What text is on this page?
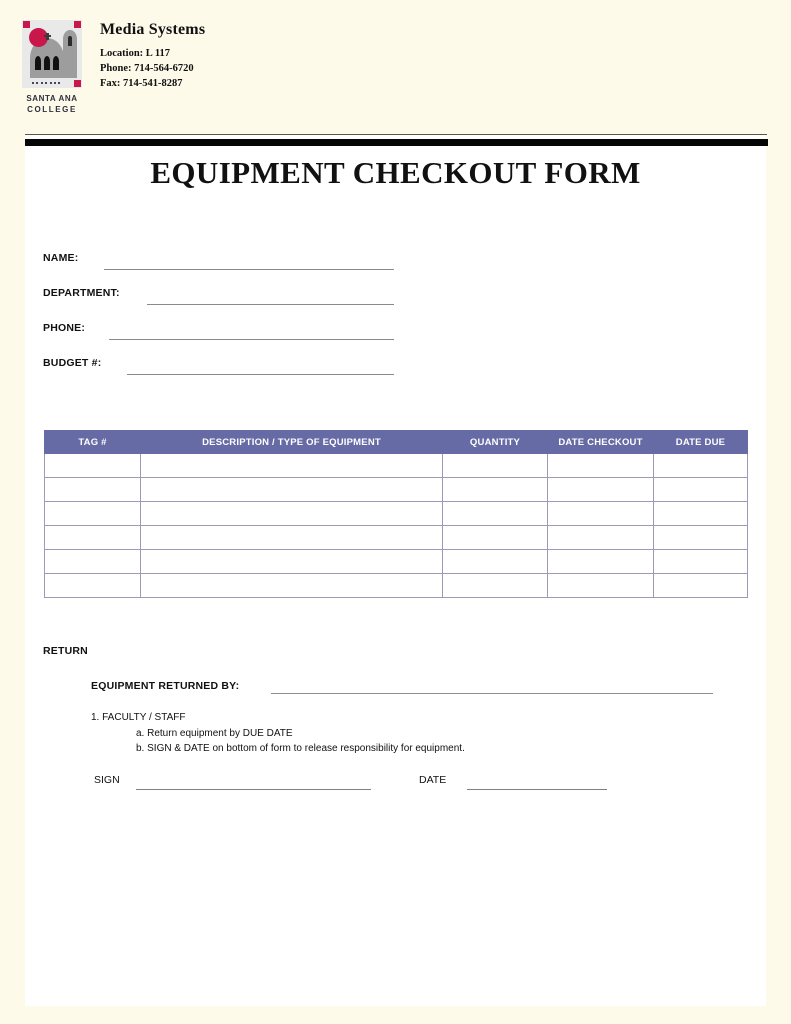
SANTA ANA
COLLEGE
Media Systems
Location: L 117
Phone: 714-564-6720
Fax: 714-541-8287
EQUIPMENT CHECKOUT FORM
NAME:
DEPARTMENT:
PHONE:
BUDGET #:
TAG #	DESCRIPTION / TYPE OF EQUIPMENT	QUANTITY	DATE CHECKOUT	DATE DUE

RETURN
EQUIPMENT RETURNED BY:
1. FACULTY / STAFF
a. Return equipment by DUE DATE
b. SIGN & DATE on bottom of form to release responsibility for equipment.
SIGN	DATE
